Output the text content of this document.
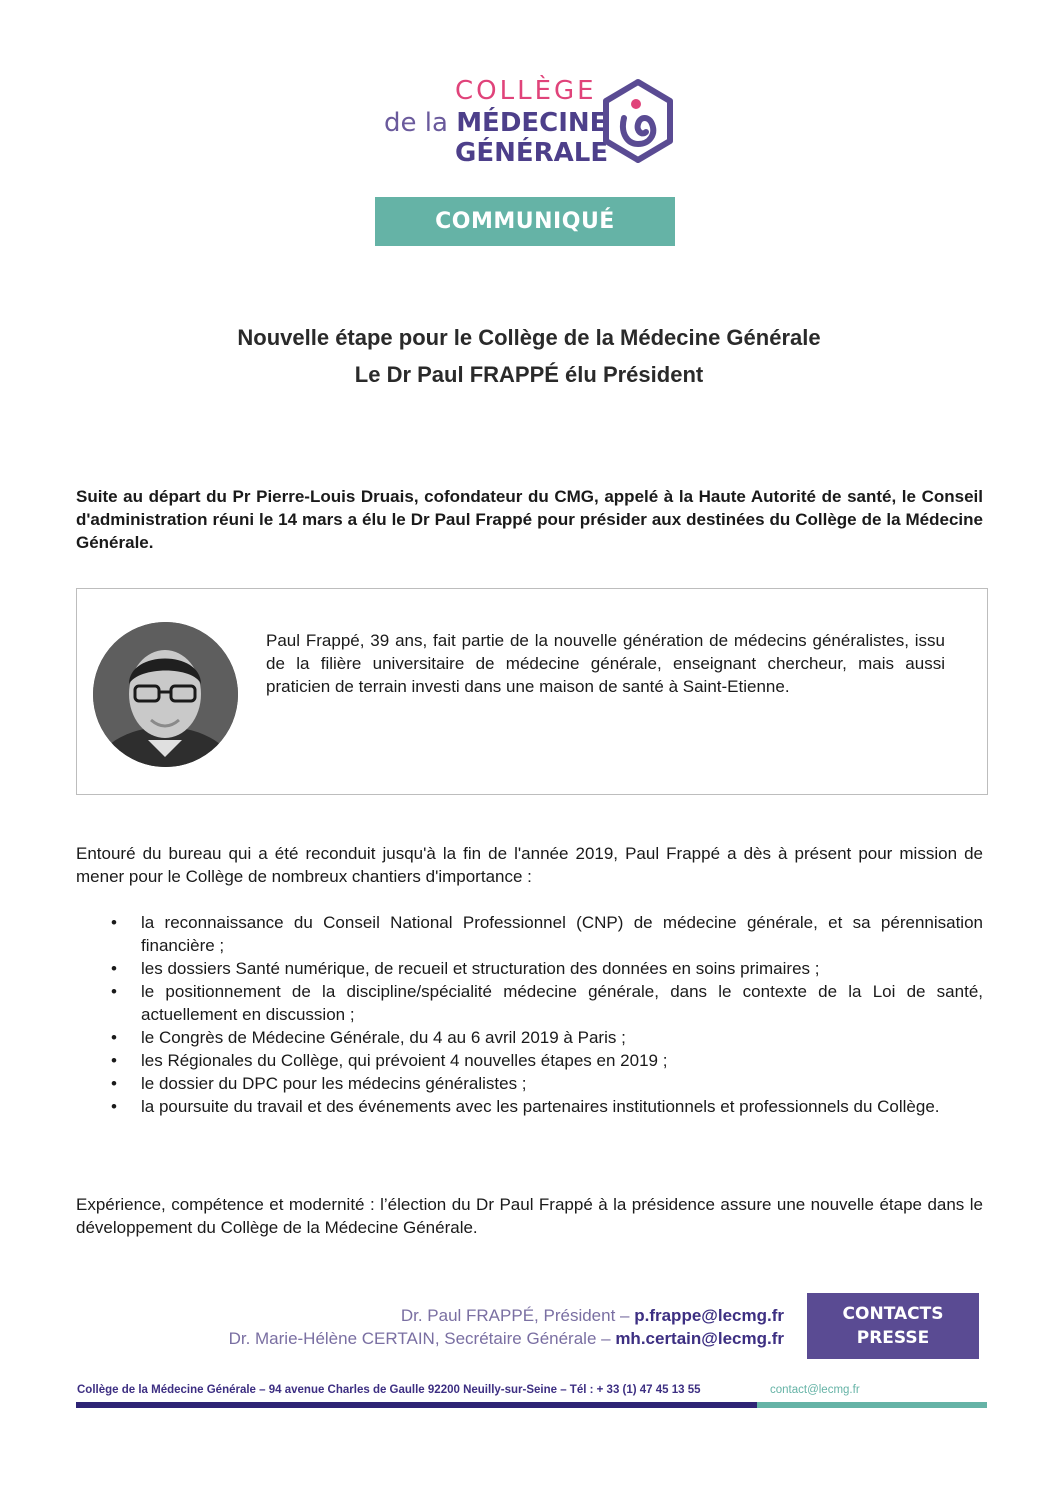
COLLÈGE
de la MÉDECINE
GÉNÉRALE
COMMUNIQUÉ
Nouvelle étape pour le Collège de la Médecine Générale
Le Dr Paul FRAPPÉ élu Président
Suite au départ du Pr Pierre-Louis Druais, cofondateur du CMG, appelé à la Haute Autorité de santé, le Conseil d'administration réuni le 14 mars a élu le Dr Paul Frappé pour présider aux destinées du Collège de la Médecine Générale.
Paul Frappé, 39 ans, fait partie de la nouvelle génération de médecins généralistes, issu de la filière universitaire de médecine générale, enseignant chercheur, mais aussi praticien de terrain investi dans une maison de santé à Saint-Etienne.
Entouré du bureau qui a été reconduit jusqu'à la fin de l'année 2019, Paul Frappé a dès à présent pour mission de mener pour le Collège de nombreux chantiers d'importance :
• la reconnaissance du Conseil National Professionnel (CNP) de médecine générale, et sa pérennisation financière ;
• les dossiers Santé numérique, de recueil et structuration des données en soins primaires ;
• le positionnement de la discipline/spécialité médecine générale, dans le contexte de la Loi de santé, actuellement en discussion ;
• le Congrès de Médecine Générale, du 4 au 6 avril 2019 à Paris ;
• les Régionales du Collège, qui prévoient 4 nouvelles étapes en 2019 ;
• le dossier du DPC pour les médecins généralistes ;
• la poursuite du travail et des événements avec les partenaires institutionnels et professionnels du Collège.
Expérience, compétence et modernité : l’élection du Dr Paul Frappé à la présidence assure une nouvelle étape dans le développement du Collège de la Médecine Générale.
Dr. Paul FRAPPÉ, Président – p.frappe@lecmg.fr
Dr. Marie-Hélène CERTAIN, Secrétaire Générale – mh.certain@lecmg.fr
CONTACTS
PRESSE
Collège de la Médecine Générale – 94 avenue Charles de Gaulle 92200 Neuilly-sur-Seine – Tél : + 33 (1) 47 45 13 55	contact@lecmg.fr
